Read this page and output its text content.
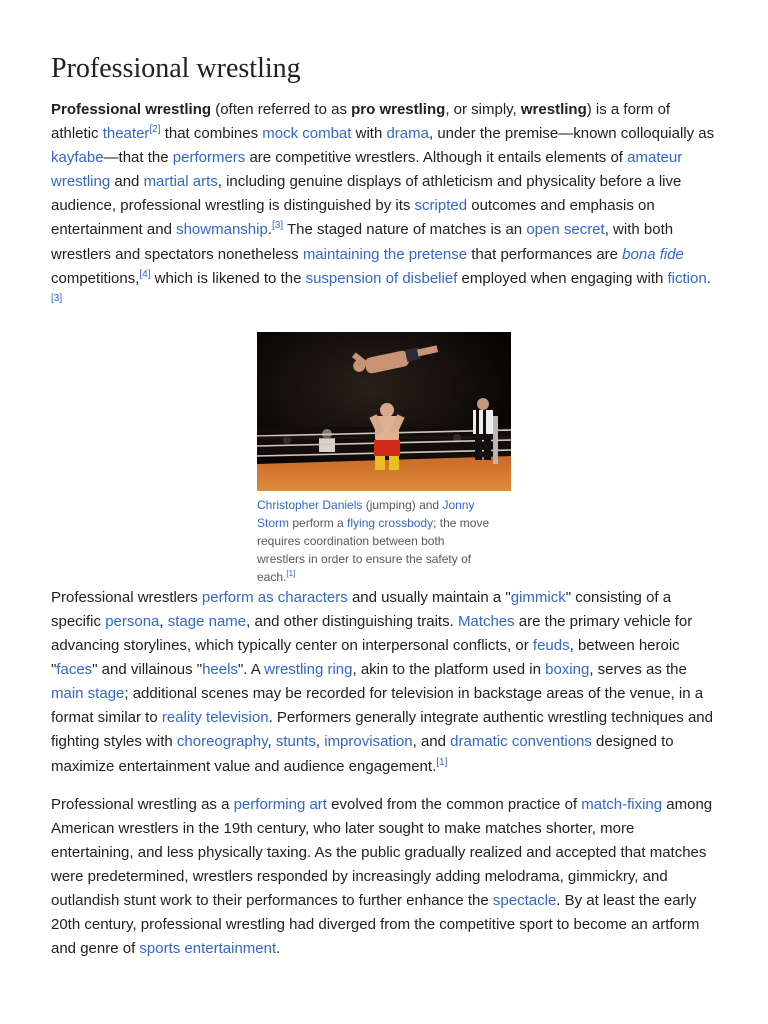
Professional wrestling

Professional wrestling (often referred to as pro wrestling, or simply, wrestling) is a form of athletic theater[2] that combines mock combat with drama, under the premise—known colloquially as kayfabe—that the performers are competitive wrestlers. Although it entails elements of amateur wrestling and martial arts, including genuine displays of athleticism and physicality before a live audience, professional wrestling is distinguished by its scripted outcomes and emphasis on entertainment and showmanship.[3] The staged nature of matches is an open secret, with both wrestlers and spectators nonetheless maintaining the pretense that performances are bona fide competitions,[4] which is likened to the suspension of disbelief employed when engaging with fiction.[3]

Christopher Daniels (jumping) and Jonny Storm perform a flying crossbody; the move requires coordination between both wrestlers in order to ensure the safety of each.[1]

Professional wrestlers perform as characters and usually maintain a "gimmick" consisting of a specific persona, stage name, and other distinguishing traits. Matches are the primary vehicle for advancing storylines, which typically center on interpersonal conflicts, or feuds, between heroic "faces" and villainous "heels". A wrestling ring, akin to the platform used in boxing, serves as the main stage; additional scenes may be recorded for television in backstage areas of the venue, in a format similar to reality television. Performers generally integrate authentic wrestling techniques and fighting styles with choreography, stunts, improvisation, and dramatic conventions designed to maximize entertainment value and audience engagement.[1]

Professional wrestling as a performing art evolved from the common practice of match-fixing among American wrestlers in the 19th century, who later sought to make matches shorter, more entertaining, and less physically taxing. As the public gradually realized and accepted that matches were predetermined, wrestlers responded by increasingly adding melodrama, gimmickry, and outlandish stunt work to their performances to further enhance the spectacle. By at least the early 20th century, professional wrestling had diverged from the competitive sport to become an artform and genre of sports entertainment.
